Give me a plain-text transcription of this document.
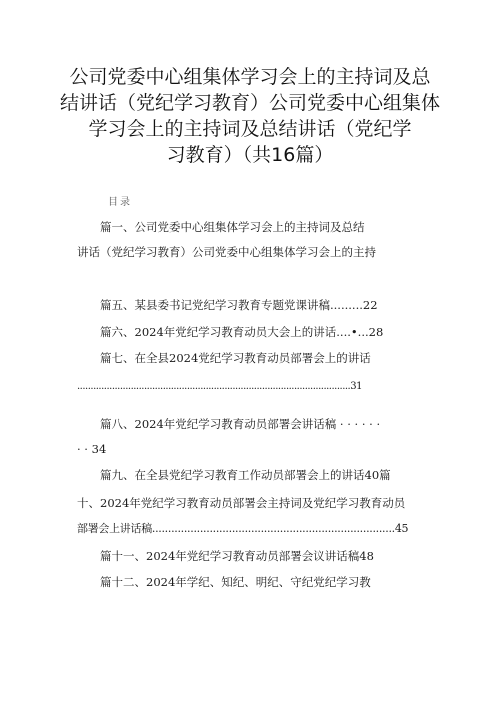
公司党委中心组集体学习会上的主持词及总
结讲话（党纪学习教育）公司党委中心组集体
学习会上的主持词及总结讲话（党纪学
习教育）（共16篇）
目录
篇一、公司党委中心组集体学习会上的主持词及总结
讲话（党纪学习教育）公司党委中心组集体学习会上的主持
篇五、某县委书记党纪学习教育专题党课讲稿.........22
篇六、2024年党纪学习教育动员大会上的讲话....•...28
篇七、在全县2024党纪学习教育动员部署会上的讲话
......................................................................................................31
篇八、2024年党纪学习教育动员部署会讲话稿 · · · · · ·
· · 34
篇九、在全县党纪学习教育工作动员部署会上的讲话40篇
十、2024年党纪学习教育动员部署会主持词及党纪学习教育动员
部署会上讲话稿............................................................................45
篇十一、2024年党纪学习教育动员部署会议讲话稿48
篇十二、2024年学纪、知纪、明纪、守纪党纪学习教
